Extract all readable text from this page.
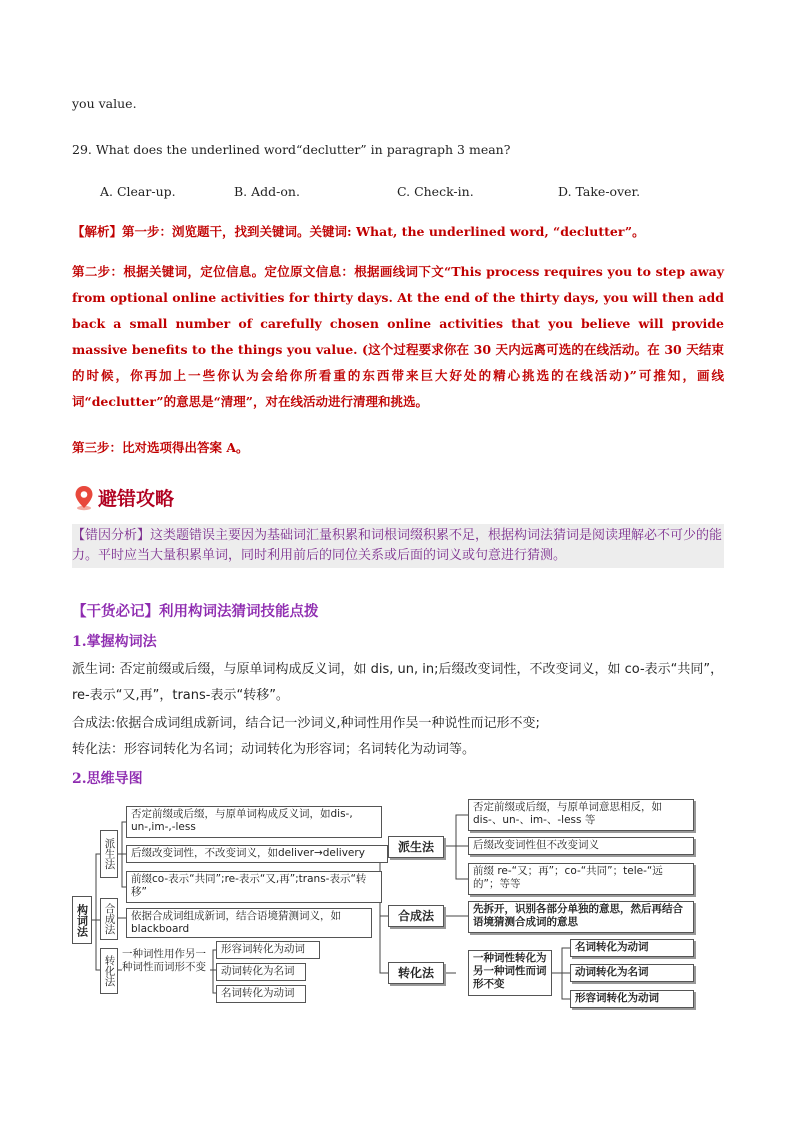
you value.
29. What does the underlined word“declutter” in paragraph 3 mean?
A. Clear-up.	B. Add-on.	C. Check-in.	D. Take-over.
【解析】第一步：浏览题干，找到关键词。关键词: What, the underlined word, “declutter”。
第二步：根据关键词，定位信息。定位原文信息：根据画线词下文“This process requires you to step away from optional online activities for thirty days. At the end of the thirty days, you will then add back a small number of carefully chosen online activities that you believe will provide massive benefits to the things you value. (这个过程要求你在 30 天内远离可选的在线活动。在 30 天结束的时候，你再加上一些你认为会给你所看重的东西带来巨大好处的精心挑选的在线活动)”可推知，画线词“declutter”的意思是“清理”，对在线活动进行清理和挑选。
第三步：比对选项得出答案 A。
避错攻略
【错因分析】这类题错误主要因为基础词汇量积累和词根词缀积累不足，根据构词法猜词是阅读理解必不可少的能力。平时应当大量积累单词，同时利用前后的同位关系或后面的词义或句意进行猜测。
【干货必记】利用构词法猜词技能点拨
1.掌握构词法
派生词: 否定前缀或后缀，与原单词构成反义词，如 dis, un, in;后缀改变词性，不改变词义，如 co-表示“共同”，re-表示“又,再”，trans-表示“转移”。
合成法:依据合成词组成新词，结合记一沙词义,种词性用作吴一种说性而记形不变;
转化法：形容词转化为名词；动词转化为形容词；名词转化为动词等。
2.思维导图
构词法
派生法
合成法
转化法
否定前缀或后缀，与原单词构成反义词，如dis-, un-,im-,-less
后缀改变词性，不改变词义，如deliver→delivery
前缀co-表示“共同”;re-表示“又,再”;trans-表示“转移”
依据合成词组成新词，结合语境猜测词义，如blackboard
一种词性用作另一种词性而词形不变
形容词转化为动词
动词转化为名词
名词转化为动词
派生法
合成法
转化法
否定前缀或后缀，与原单词意思相反，如 dis-、un-、im-、-less 等
后缀改变词性但不改变词义
前缀 re-“又；再”；co-“共同”；tele-“远的”；等等
先拆开，识别各部分单独的意思，然后再结合语境猜测合成词的意思
一种词性转化为另一种词性而词形不变
名词转化为动词
动词转化为名词
形容词转化为动词
